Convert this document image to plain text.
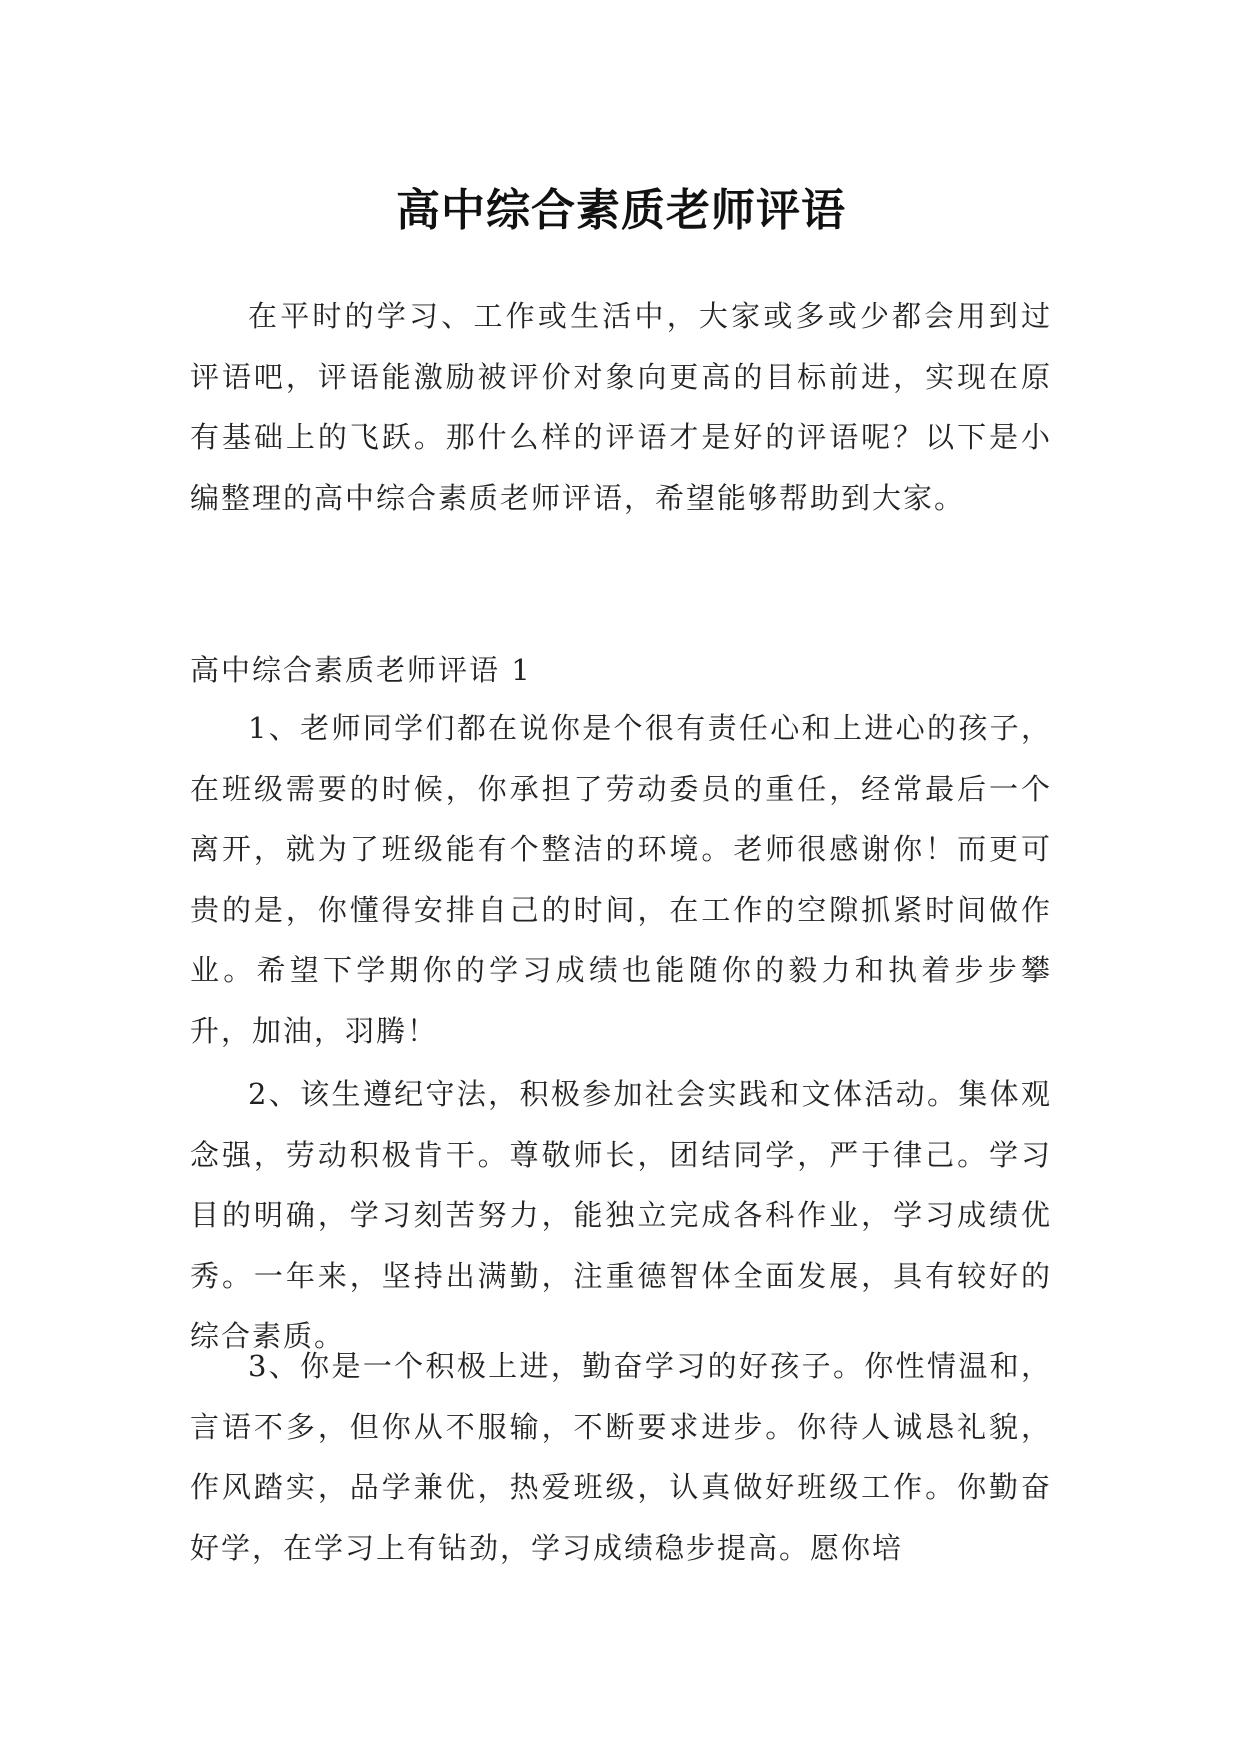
高中综合素质老师评语

在平时的学习、工作或生活中，大家或多或少都会用到过评语吧，评语能激励被评价对象向更高的目标前进，实现在原有基础上的飞跃。那什么样的评语才是好的评语呢？以下是小编整理的高中综合素质老师评语，希望能够帮助到大家。

高中综合素质老师评语 1

1、老师同学们都在说你是个很有责任心和上进心的孩子，在班级需要的时候，你承担了劳动委员的重任，经常最后一个离开，就为了班级能有个整洁的环境。老师很感谢你！而更可贵的是，你懂得安排自己的时间，在工作的空隙抓紧时间做作业。希望下学期你的学习成绩也能随你的毅力和执着步步攀升，加油，羽腾！

2、该生遵纪守法，积极参加社会实践和文体活动。集体观念强，劳动积极肯干。尊敬师长，团结同学，严于律己。学习目的明确，学习刻苦努力，能独立完成各科作业，学习成绩优秀。一年来，坚持出满勤，注重德智体全面发展，具有较好的综合素质。

3、你是一个积极上进，勤奋学习的好孩子。你性情温和，言语不多，但你从不服输，不断要求进步。你待人诚恳礼貌，作风踏实，品学兼优，热爱班级，认真做好班级工作。你勤奋好学，在学习上有钻劲，学习成绩稳步提高。愿你培
